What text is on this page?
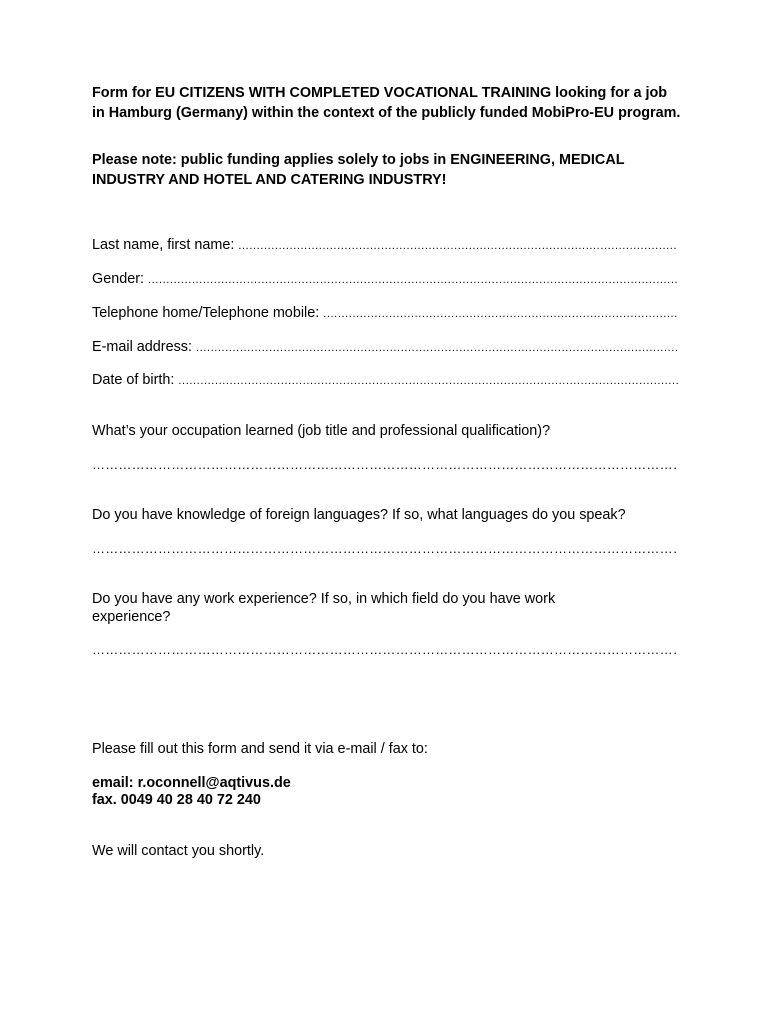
Form for EU CITIZENS WITH COMPLETED VOCATIONAL TRAINING looking for a job in Hamburg (Germany) within the context of the publicly funded MobiPro-EU program.

Please note: public funding applies solely to jobs in ENGINEERING, MEDICAL INDUSTRY AND HOTEL AND CATERING INDUSTRY!

Last name, first name:
.....
Gender:
.....
Telephone home/Telephone mobile:
.....
E-mail address:
.....
Date of birth:
.....

What’s your occupation learned (job title and professional qualification)?

……………………………………………………………………………………………………………………………………………………………………………

Do you have knowledge of foreign languages? If so, what languages do you speak?

……………………………………………………………………………………………………………………………………………………………………………

Do you have any work experience? If so, in which field do you have work experience?

……………………………………………………………………………………………………………………………………………………………………………

Please fill out this form and send it via e-mail / fax to:

email: r.oconnell@aqtivus.de

fax. 0049 40 28 40 72 240

We will contact you shortly.
